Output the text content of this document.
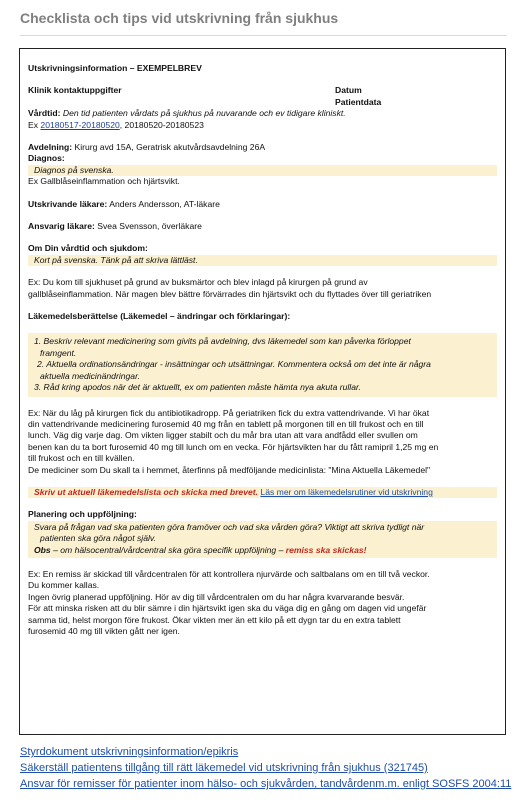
Checklista och tips vid utskrivning från sjukhus
Utskrivningsinformation – EXEMPELBREV
Klinik kontaktuppgifter	Datum
Patientdata
Vårdtid: Den tid patienten vårdats på sjukhus på nuvarande och ev tidigare kliniskt.
Ex 20180517-20180520, 20180520-20180523
Avdelning: Kirurg avd 15A, Geratrisk akutvårdsavdelning 26A
Diagnos:
Diagnos på svenska.
Ex Gallblåseinflammation och hjärtsvikt.
Utskrivande läkare: Anders Andersson, AT-läkare
Ansvarig läkare: Svea Svensson, överläkare
Om Din vårdtid och sjukdom:
Kort på svenska. Tänk på att skriva lättläst.
Ex: Du kom till sjukhuset på grund av buksmärtor och blev inlagd på kirurgen på grund av
gallblåseinflammation. När magen blev bättre förvärrades din hjärtsvikt och du flyttades över till geriatriken
Läkemedelsberättelse (Läkemedel – ändringar och förklaringar):
1. Beskriv relevant medicinering som givits på avdelning, dvs läkemedel som kan påverka förloppet
framgent.
2. Aktuella ordinationsändringar - insättningar och utsättningar. Kommentera också om det inte är några
aktuella medicinändringar.
3. Råd kring apodos när det är aktuellt, ex om patienten måste hämta nya akuta rullar.
Ex: När du låg på kirurgen fick du antibiotikadropp. På geriatriken fick du extra vattendrivande. Vi har ökat
din vattendrivande medicinering furosemid 40 mg från en tablett på morgonen till en till frukost och en till
lunch. Väg dig varje dag. Om vikten ligger stabilt och du mår bra utan att vara andfådd eller svullen om
benen kan du ta bort furosemid 40 mg till lunch om en vecka. För hjärtsvikten har du fått ramipril 1,25 mg en
till frukost och en till kvällen.
De mediciner som Du skall ta i hemmet, återfinns på medföljande medicinlista: "Mina Aktuella Läkemedel"
Skriv ut aktuell läkemedelslista och skicka med brevet. Läs mer om läkemedelsrutiner vid utskrivning
Planering och uppföljning:
Svara på frågan vad ska patienten göra framöver och vad ska vården göra? Viktigt att skriva tydligt när
patienten ska göra något själv.
Obs – om hälsocentral/vårdcentral ska göra specifik uppföljning – remiss ska skickas!
Ex: En remiss är skickad till vårdcentralen för att kontrollera njurvärde och saltbalans om en till två veckor.
Du kommer kallas.
Ingen övrig planerad uppföljning. Hör av dig till vårdcentralen om du har några kvarvarande besvär.
För att minska risken att du blir sämre i din hjärtsvikt igen ska du väga dig en gång om dagen vid ungefär
samma tid, helst morgon före frukost. Ökar vikten mer än ett kilo på ett dygn tar du en extra tablett
furosemid 40 mg till vikten gått ner igen.
Styrdokument utskrivningsinformation/epikris
Säkerställ patientens tillgång till rätt läkemedel vid utskrivning från sjukhus (321745)
Ansvar för remisser för patienter inom hälso- och sjukvården, tandvårdenm.m. enligt SOSFS 2004:11
